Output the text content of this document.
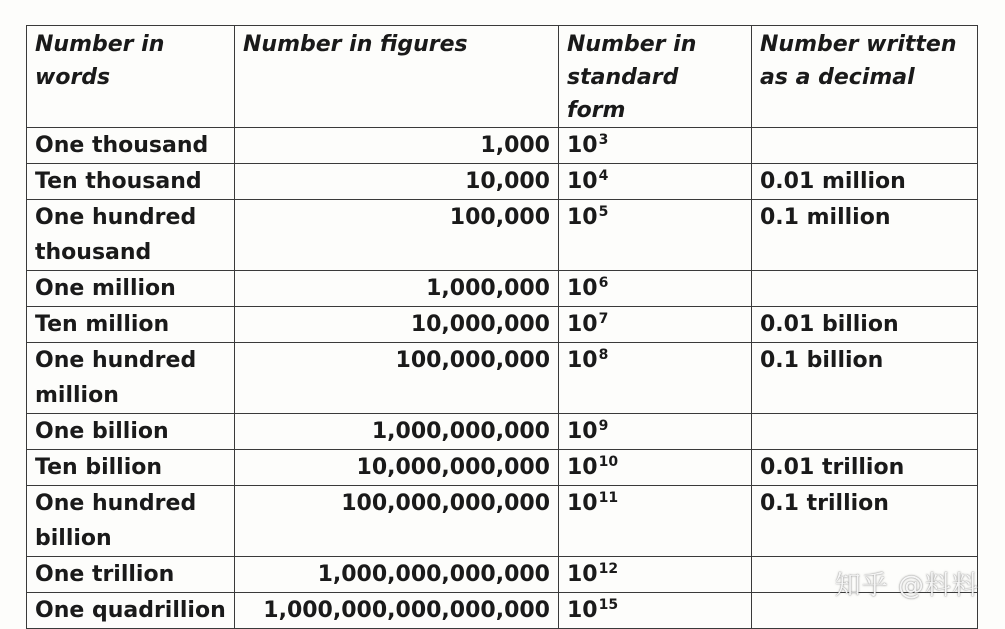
Number in words	Number in figures	Number in standard form	Number written as a decimal
One thousand	1,000	$10^3$	
Ten thousand	10,000	$10^4$	0.01 million
One hundred thousand	100,000	$10^5$	0.1 million
One million	1,000,000	$10^6$	
Ten million	10,000,000	$10^7$	0.01 billion
One hundred million	100,000,000	$10^8$	0.1 billion
One billion	1,000,000,000	$10^9$	
Ten billion	10,000,000,000	$10^{10}$	0.01 trillion
One hundred billion	100,000,000,000	$10^{11}$	0.1 trillion
One trillion	1,000,000,000,000	$10^{12}$	
One quadrillion	1,000,000,000,000,000	$10^{15}$	
知乎 @料料
